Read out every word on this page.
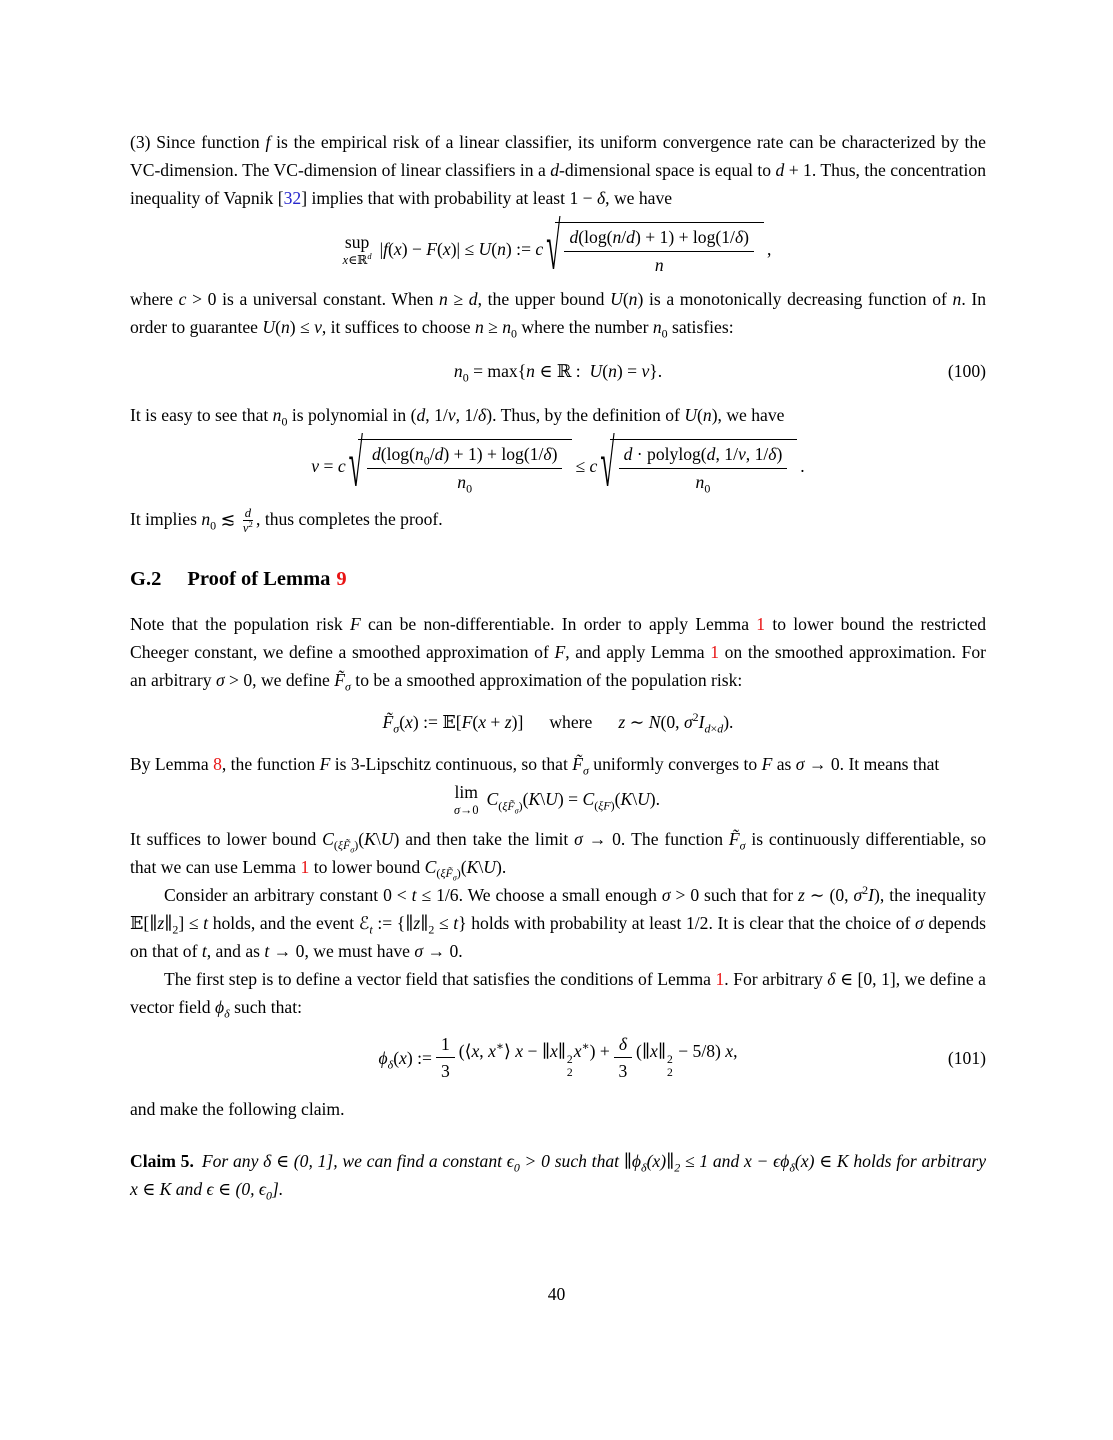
(3) Since function f is the empirical risk of a linear classifier, its uniform convergence rate can be characterized by the VC-dimension. The VC-dimension of linear classifiers in a d-dimensional space is equal to d + 1. Thus, the concentration inequality of Vapnik [32] implies that with probability at least 1 − δ, we have

sup
x∈ℝ$^d$ |f(x) − F(x)| ≤ U(n) := c √ $\frac{d(\log(n/d) + 1) + \log(1/\delta)}{n}$ ,

where c > 0 is a universal constant. When n ≥ d, the upper bound U(n) is a monotonically decreasing function of n. In order to guarantee U(n) ≤ ν, it suffices to choose $n \ge n_0$ where the number $n_0$ satisfies:

$n_0 = \max\{n$ ∈ ℝ :  U(n) = ν}.	(100)

It is easy to see that $n_0$ is polynomial in (d, 1/ν, 1/δ). Thus, by the definition of U(n), we have

ν = c √ $\frac{d(\log(n_0/d) + 1) + \log(1/\delta)}{n_0} \le c$ √ $\frac{\text{d · polylog(d, 1/ν, 1/δ)}}{n_0}$ .

It implies $n_0$ ≲ $\frac{d}{\nu^2}$ , thus completes the proof.

G.2 Proof of Lemma 9

Note that the population risk F can be non-differentiable. In order to apply Lemma 1 to lower bound the restricted Cheeger constant, we define a smoothed approximation of F, and apply Lemma 1 on the smoothed approximation. For an arbitrary σ > 0, we define $F̃_\sigma$ to be a smoothed approximation of the population risk:

$F̃_\sigma(x)$ := 𝔼[F(x + z)] where z ∼ N(0, $\sigma^2I_{d\times d}$).

By Lemma 8, the function F is 3-Lipschitz continuous, so that $F̃_\sigma$ uniformly converges to F as σ → 0. It means that

lim
σ→0
$C_{(\xi F̃_\sigma)}(K\backslash U)$ = $C_{(\xi F)}(K\backslash U)$.

It suffices to lower bound $C_{(\xi F̃_\sigma)}(K\backslash U)$ and then take the limit σ → 0. The function $F̃_\sigma$ is continuously differentiable, so that we can use Lemma 1 to lower bound $C_{(\xi F̃_\sigma)}(K\backslash U)$.

Consider an arbitrary constant 0 < t ≤ 1/6. We choose a small enough σ > 0 such that for z ∼ (0, $\sigma^2I$), the inequality $𝔼[\parallel z\parallel_2] \le t$ holds, and the event ℰ$_t$ := $\{\parallel z\parallel_2 \le t\}$ holds with probability at least 1/2. It is clear that the choice of σ depends on that of t, and as t → 0, we must have σ → 0.

The first step is to define a vector field that satisfies the conditions of Lemma 1. For arbitrary δ ∈ [0, 1], we define a vector field $\phi_\delta$ such that:

$\phi_\delta(x)$ := $\frac{1}{3}$ (⟨x, x∗⟩ x − ∥x∥ 2
2
$x^∗) + \frac{\delta}{3}$ (∥x∥ 2
2
− 5/8) x,	(101)

and make the following claim.

Claim 5. For any δ ∈ (0, 1], we can find a constant $\epsilon_0 > 0$ such that $\parallel\phi_\delta(x)\parallel_2 \le 1$ and $x - \epsilon\phi_\delta(x)$ ∈ K holds for arbitrary x ∈ K and ϵ ∈ (0, $\epsilon_0$].

40
